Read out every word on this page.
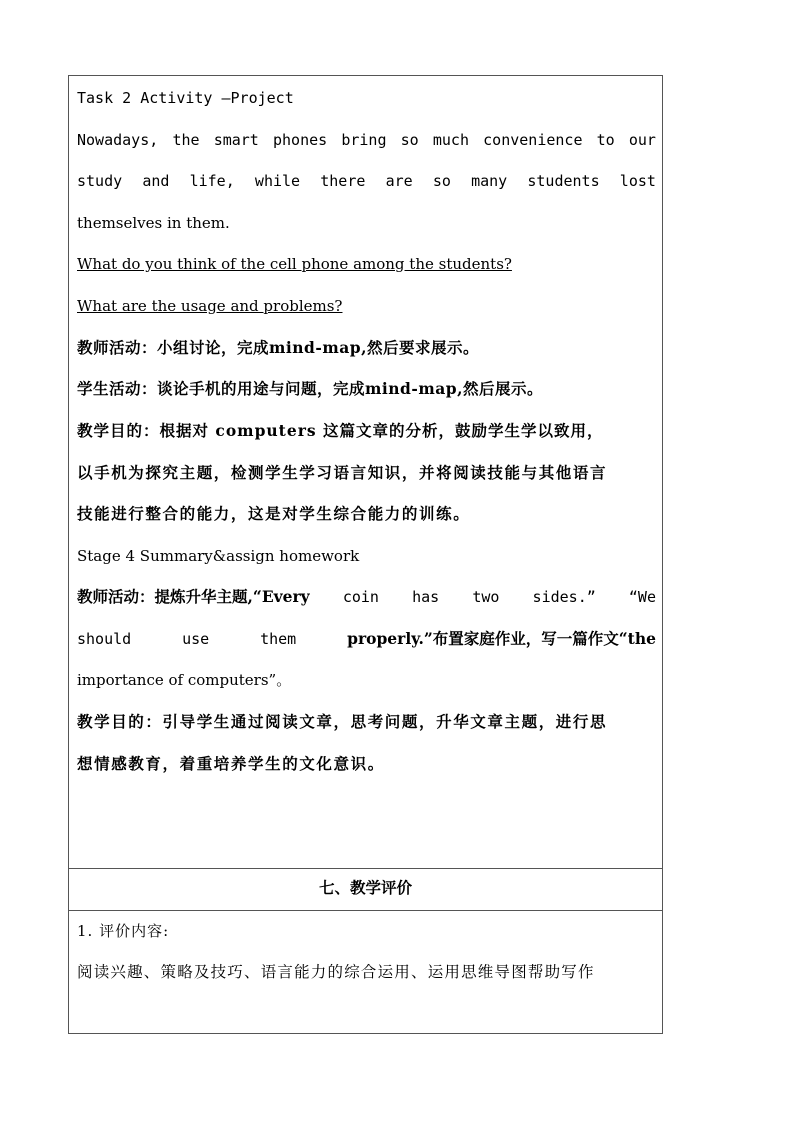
Task 2 Activity —Project
Nowadays, the smart phones bring so much convenience to our
study and life, while there are so many students lost
themselves in them.
What do you think of the cell phone among the students?
What are the usage and problems?
教师活动：小组讨论，完成mind-map,然后要求展示。
学生活动：谈论手机的用途与问题，完成mind-map,然后展示。
教学目的：根据对 computers 这篇文章的分析，鼓励学生学以致用，
以手机为探究主题，检测学生学习语言知识，并将阅读技能与其他语言
技能进行整合的能力，这是对学生综合能力的训练。
Stage 4 Summary&assign homework
教师活动：提炼升华主题,“Every coin has two sides.” “We
should	use	them	properly.”布置家庭作业，写一篇作文“the
importance of computers”。
教学目的：引导学生通过阅读文章，思考问题，升华文章主题，进行思
想情感教育，着重培养学生的文化意识。
七、教学评价
1. 评价内容:
阅读兴趣、策略及技巧、语言能力的综合运用、运用思维导图帮助写作
